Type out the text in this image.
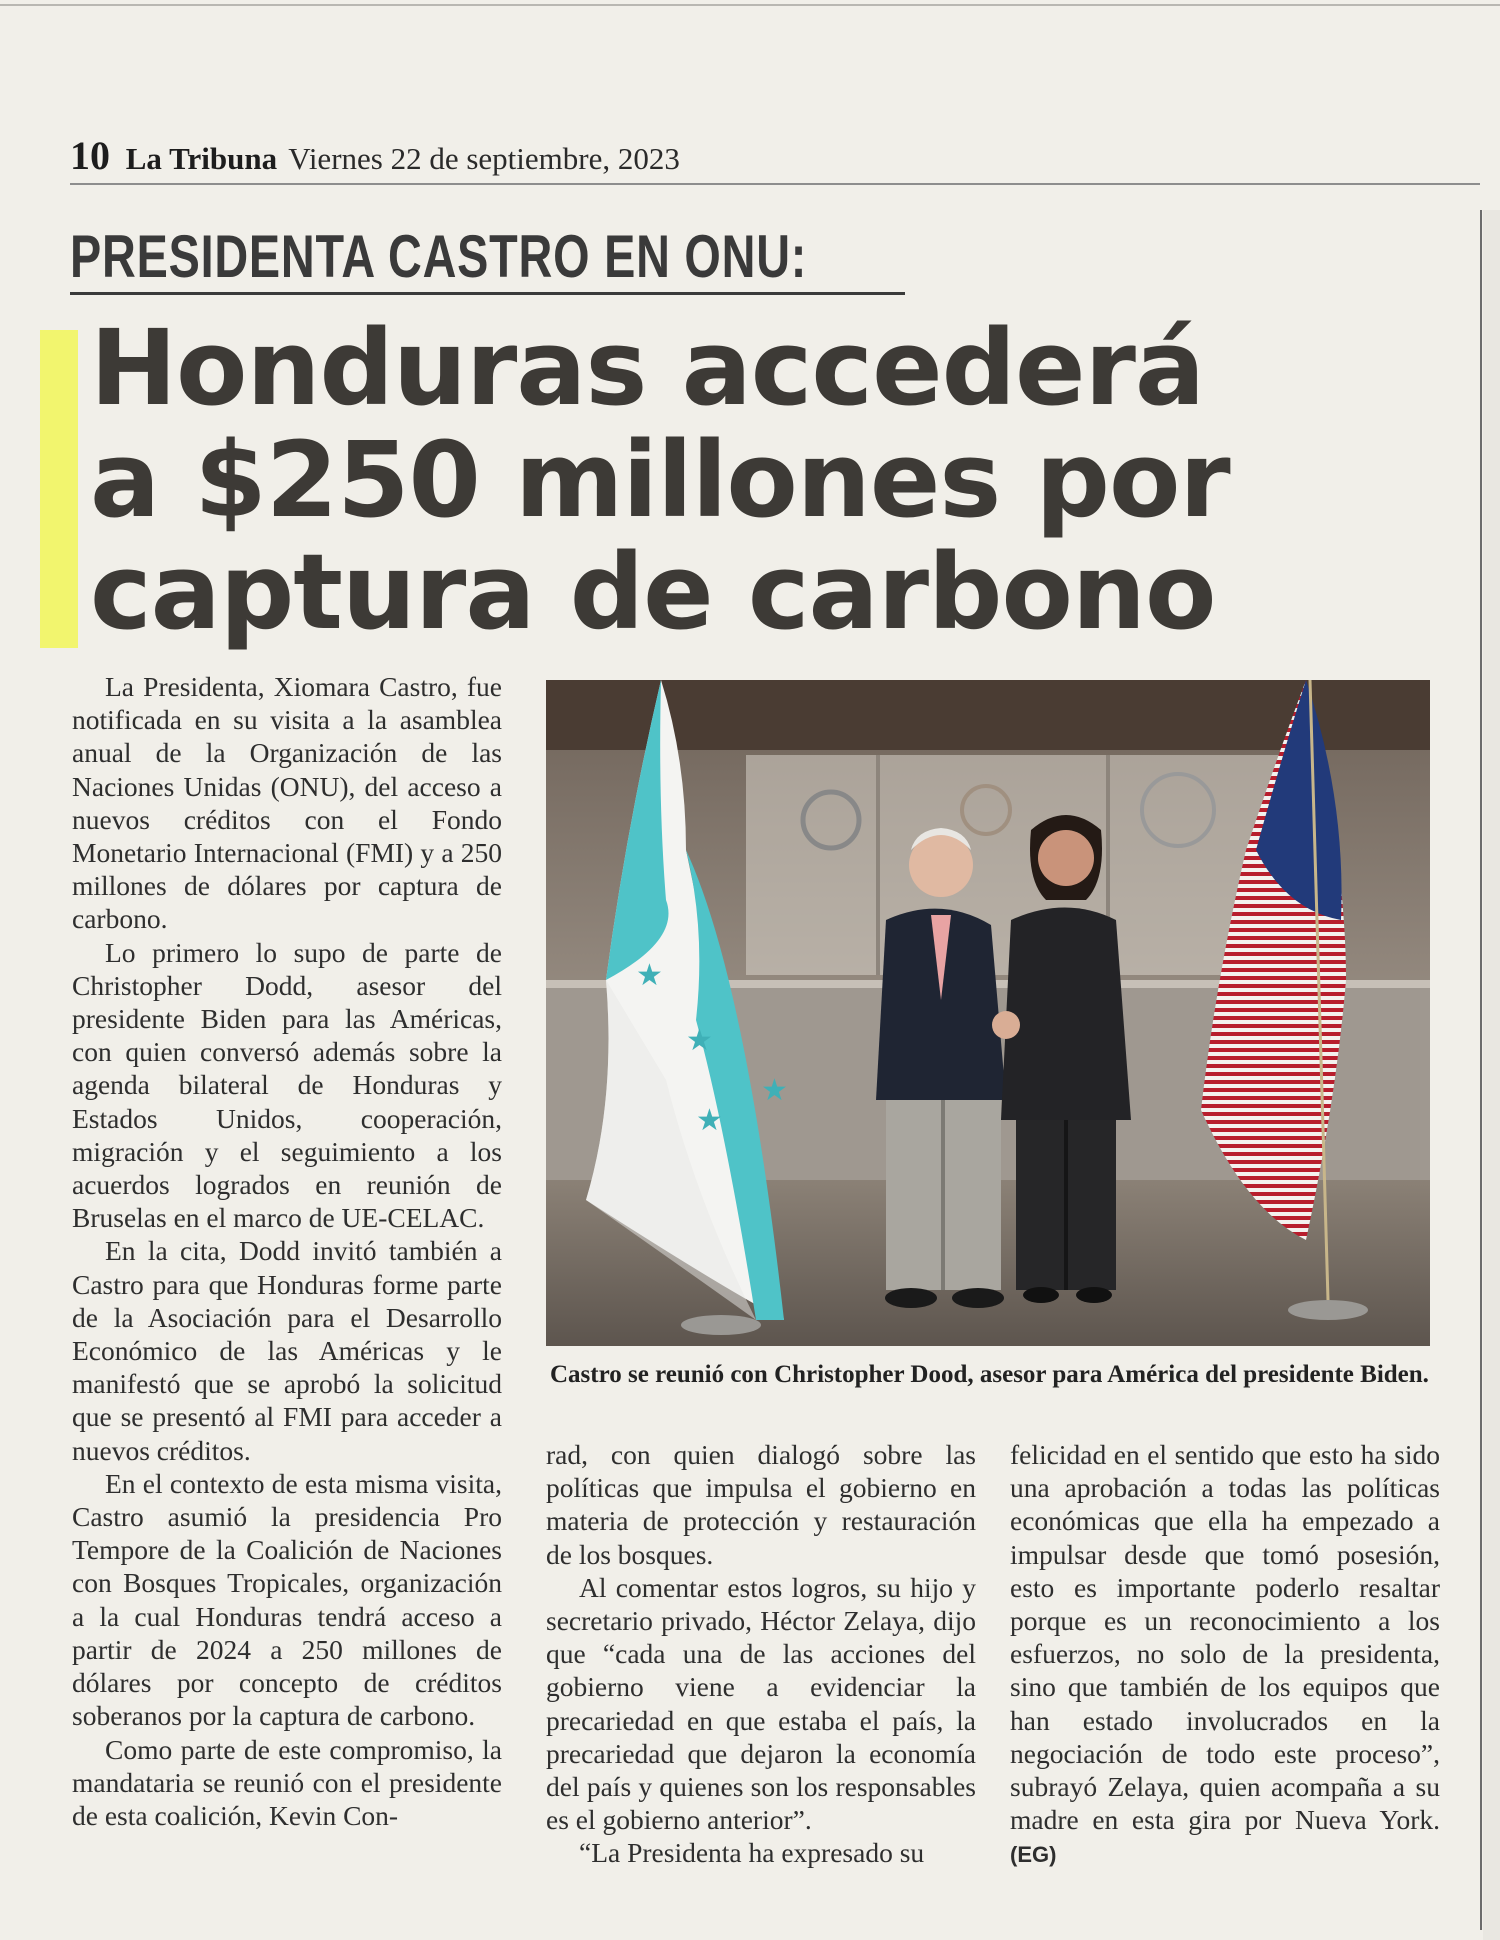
10 La Tribuna Viernes 22 de septiembre, 2023
PRESIDENTA CASTRO EN ONU:
Honduras accederá
a $250 millones por
captura de carbono

La Presidenta, Xiomara Castro, fue notificada en su visita a la asamblea anual de la Organización de las Naciones Unidas (ONU), del acceso a nuevos créditos con el Fondo Monetario Internacional (FMI) y a 250 millones de dólares por captura de carbono.

Lo primero lo supo de parte de Christopher Dodd, asesor del presidente Biden para las Américas, con quien conversó además sobre la agenda bilateral de Honduras y Estados Unidos, cooperación, migración y el seguimiento a los acuerdos logrados en reunión de Bruselas en el marco de UE-CELAC.

En la cita, Dodd invitó también a Castro para que Honduras forme parte de la Asociación para el Desarrollo Económico de las Américas y le manifestó que se aprobó la solicitud que se presentó al FMI para acceder a nuevos créditos.

En el contexto de esta misma visita, Castro asumió la presidencia Pro Tempore de la Coalición de Naciones con Bosques Tropicales, organización a la cual Honduras tendrá acceso a partir de 2024 a 250 millones de dólares por concepto de créditos soberanos por la captura de carbono.

Como parte de este compromiso, la mandataria se reunió con el presidente de esta coalición, Kevin Con-

★
★
★
★
Castro se reunió con Christopher Dood, asesor para América del presidente Biden.

rad, con quien dialogó sobre las políticas que impulsa el gobierno en materia de protección y restauración de los bosques.

Al comentar estos logros, su hijo y secretario privado, Héctor Zelaya, dijo que “cada una de las acciones del gobierno viene a evidenciar la precariedad en que estaba el país, la precariedad que dejaron la economía del país y quienes son los responsables es el gobierno anterior”.

“La Presidenta ha expresado su

felicidad en el sentido que esto ha sido una aprobación a todas las políticas económicas que ella ha empezado a impulsar desde que tomó posesión, esto es importante poderlo resaltar porque es un reconocimiento a los esfuerzos, no solo de la presidenta, sino que también de los equipos que han estado involucrados en la negociación de todo este proceso”, subrayó Zelaya, quien acompaña a su madre en esta gira por Nueva York. (EG)
